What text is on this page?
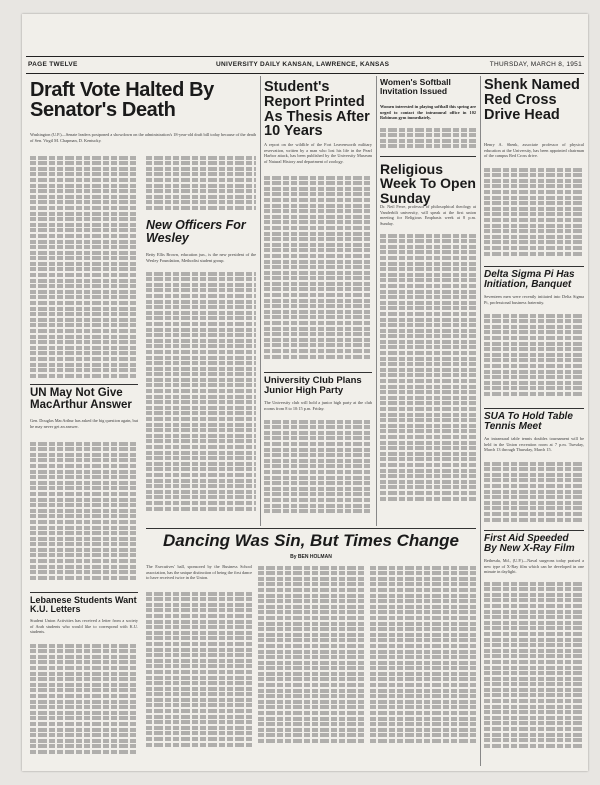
PAGE TWELVE	UNIVERSITY DAILY KANSAN, LAWRENCE, KANSAS	THURSDAY, MARCH 8, 1951
Draft Vote Halted By Senator's Death
Washington (U.P.)—Senate leaders postponed a showdown on the administration's 18-year-old draft bill today because of the death of Sen. Virgil M. Chapman, D. Kentucky.
New Officers For Wesley
Betty Ellis Brown, education jun., is the new president of the Wesley Foundation, Methodist student group.
UN May Not Give MacArthur Answer
Gen. Douglas MacArthur has asked the big question again, but he may never get an answer.
Lebanese Students Want K.U. Letters
Student Union Activities has received a letter from a society of Arab students who would like to correspond with K.U. students.
Student's Report Printed As Thesis After 10 Years
A report on the wildlife of the Fort Leavenworth military reservation, written by a man who lost his life in the Pearl Harbor attack, has been published by the University Museum of Natural History and department of zoology.
University Club Plans Junior High Party
The University club will hold a junior high party at the club rooms from 8 to 10:15 p.m. Friday.
Women's Softball Invitation Issued
Women interested in playing softball this spring are urged to contact the intramural office in 102 Robinson gym immediately.
Religious Week To Open Sunday
Dr. Neil Ferre, professor of philosophical theology at Vanderbilt university, will speak at the first union meeting for Religious Emphasis week at 8 p.m. Sunday.
Shenk Named Red Cross Drive Head
Henry A. Shenk, associate professor of physical education at the University, has been appointed chairman of the campus Red Cross drive.
Delta Sigma Pi Has Initiation, Banquet
Seventeen men were recently initiated into Delta Sigma Pi, professional business fraternity.
SUA To Hold Table Tennis Meet
An intramural table tennis doubles tournament will be held in the Union recreation room at 7 p.m. Tuesday, March 13 through Thursday, March 15.
First Aid Speeded By New X-Ray Film
Bethesda, Md., (U.P.)—Naval surgeons today praised a new type of X-Ray film which can be developed in one minute in daylight.
Dancing Was Sin, But Times Change
By BEN HOLMAN
The Executives' ball, sponsored by the Business School association, has the unique distinction of being the first dance to have received twice in the Union.
